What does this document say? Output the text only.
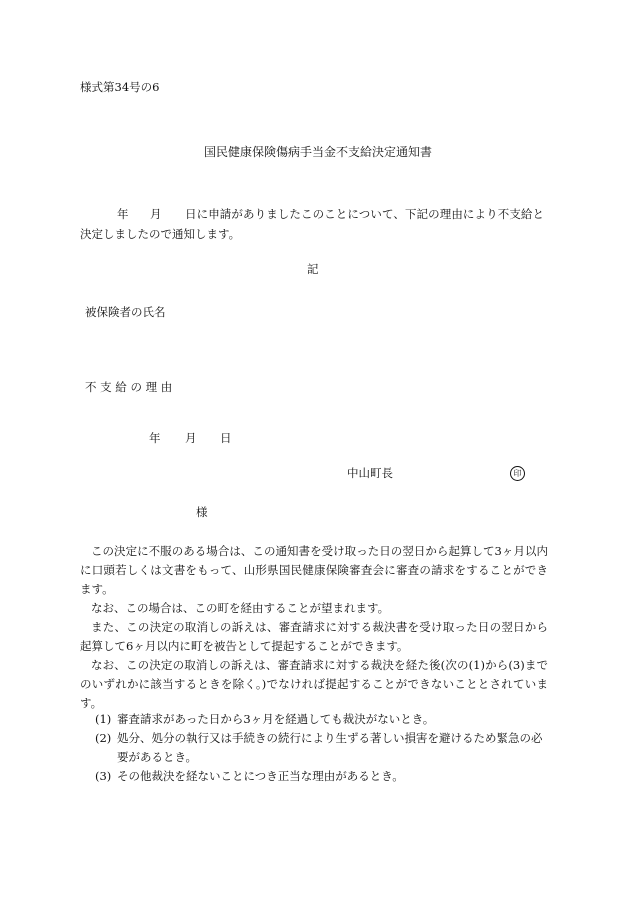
様式第34号の6
国民健康保険傷病手当金不支給決定通知書
年 月 日に申請がありましたこのことについて、下記の理由により不支給と
決定しましたので通知します。
記
被保険者の氏名
不 支 給 の 理 由
年 月 日
中山町長	印
様
この決定に不服のある場合は、この通知書を受け取った日の翌日から起算して3ヶ月以内に口頭若しくは文書をもって、山形県国民健康保険審査会に審査の請求をすることができます。
なお、この場合は、この町を経由することが望まれます。
また、この決定の取消しの訴えは、審査請求に対する裁決書を受け取った日の翌日から起算して6ヶ月以内に町を被告として提起することができます。
なお、この決定の取消しの訴えは、審査請求に対する裁決を経た後(次の(1)から(3)までのいずれかに該当するときを除く。)でなければ提起することができないこととされています。
(1) 審査請求があった日から3ヶ月を経過しても裁決がないとき。
(2) 処分、処分の執行又は手続きの続行により生ずる著しい損害を避けるため緊急の必要があるとき。
(3) その他裁決を経ないことにつき正当な理由があるとき。
